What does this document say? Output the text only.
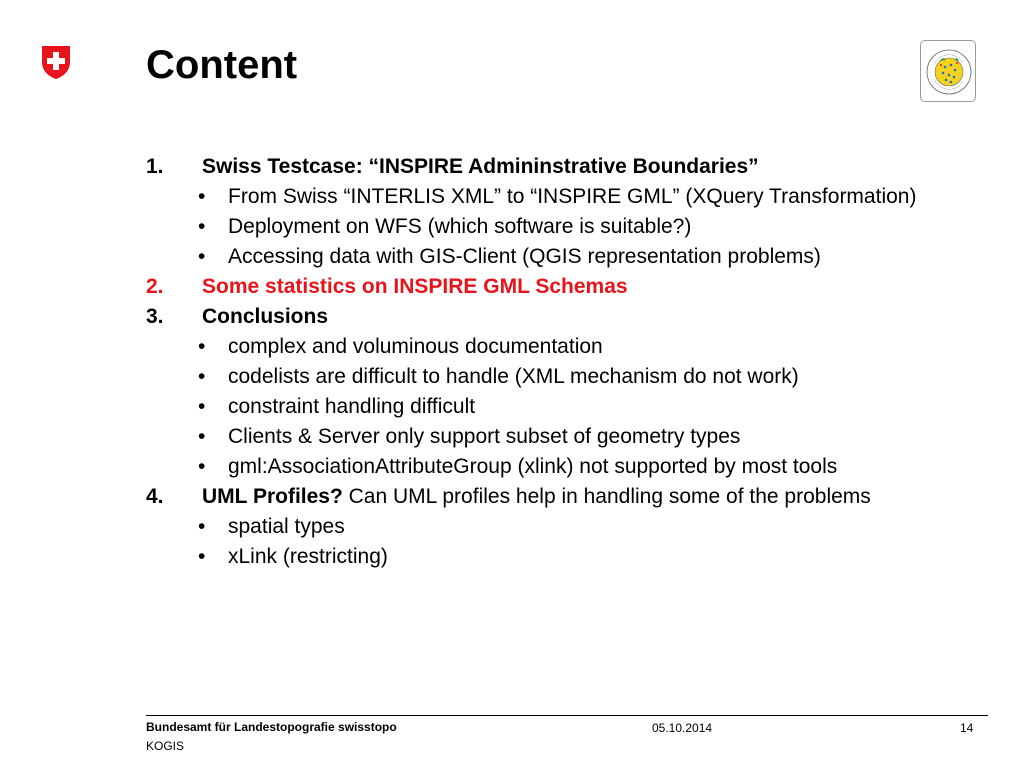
Content
1. Swiss Testcase: “INSPIRE Admininstrative Boundaries”
• From Swiss “INTERLIS XML” to “INSPIRE GML” (XQuery Transformation)
• Deployment on WFS (which software is suitable?)
• Accessing data with GIS-Client (QGIS representation problems)
2. Some statistics on INSPIRE GML Schemas
3. Conclusions
• complex and voluminous documentation
• codelists are difficult to handle (XML mechanism do not work)
• constraint handling difficult
• Clients & Server only support subset of geometry types
• gml:AssociationAttributeGroup (xlink) not supported by most tools
4. UML Profiles? Can UML profiles help in handling some of the problems
• spatial types
• xLink (restricting)
Bundesamt für Landestopografie swisstopo
KOGIS
05.10.2014	14
